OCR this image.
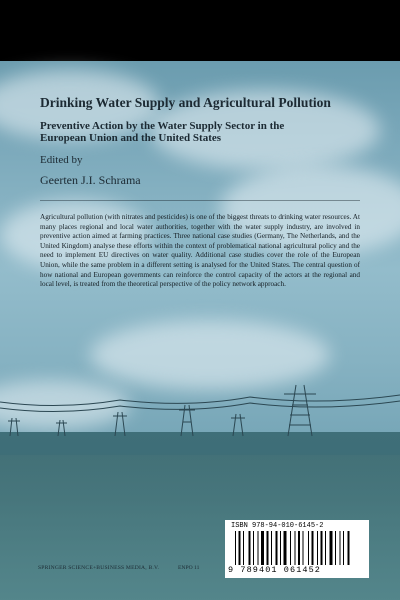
Drinking Water Supply and Agricultural Pollution
Preventive Action by the Water Supply Sector in the European Union and the United States
Edited by
Geerten J.I. Schrama
Agricultural pollution (with nitrates and pesticides) is one of the biggest threats to drinking water resources. At many places regional and local water authorities, together with the water supply industry, are involved in preventive action aimed at farming practices. Three national case studies (Germany, The Netherlands, and the United Kingdom) analyse these efforts within the context of problematical national agricultural policy and the need to implement EU directives on water quality. Additional case studies cover the role of the European Union, while the same problem in a different setting is analysed for the United States. The central question of how national and European governments can reinforce the control capacity of the actors at the regional and local level, is treated from the theoretical perspective of the policy network approach.
ISBN 978-94-010-6145-2
9 789401 061452
SPRINGER SCIENCE+BUSINESS MEDIA, B.V.	ENPO 11
